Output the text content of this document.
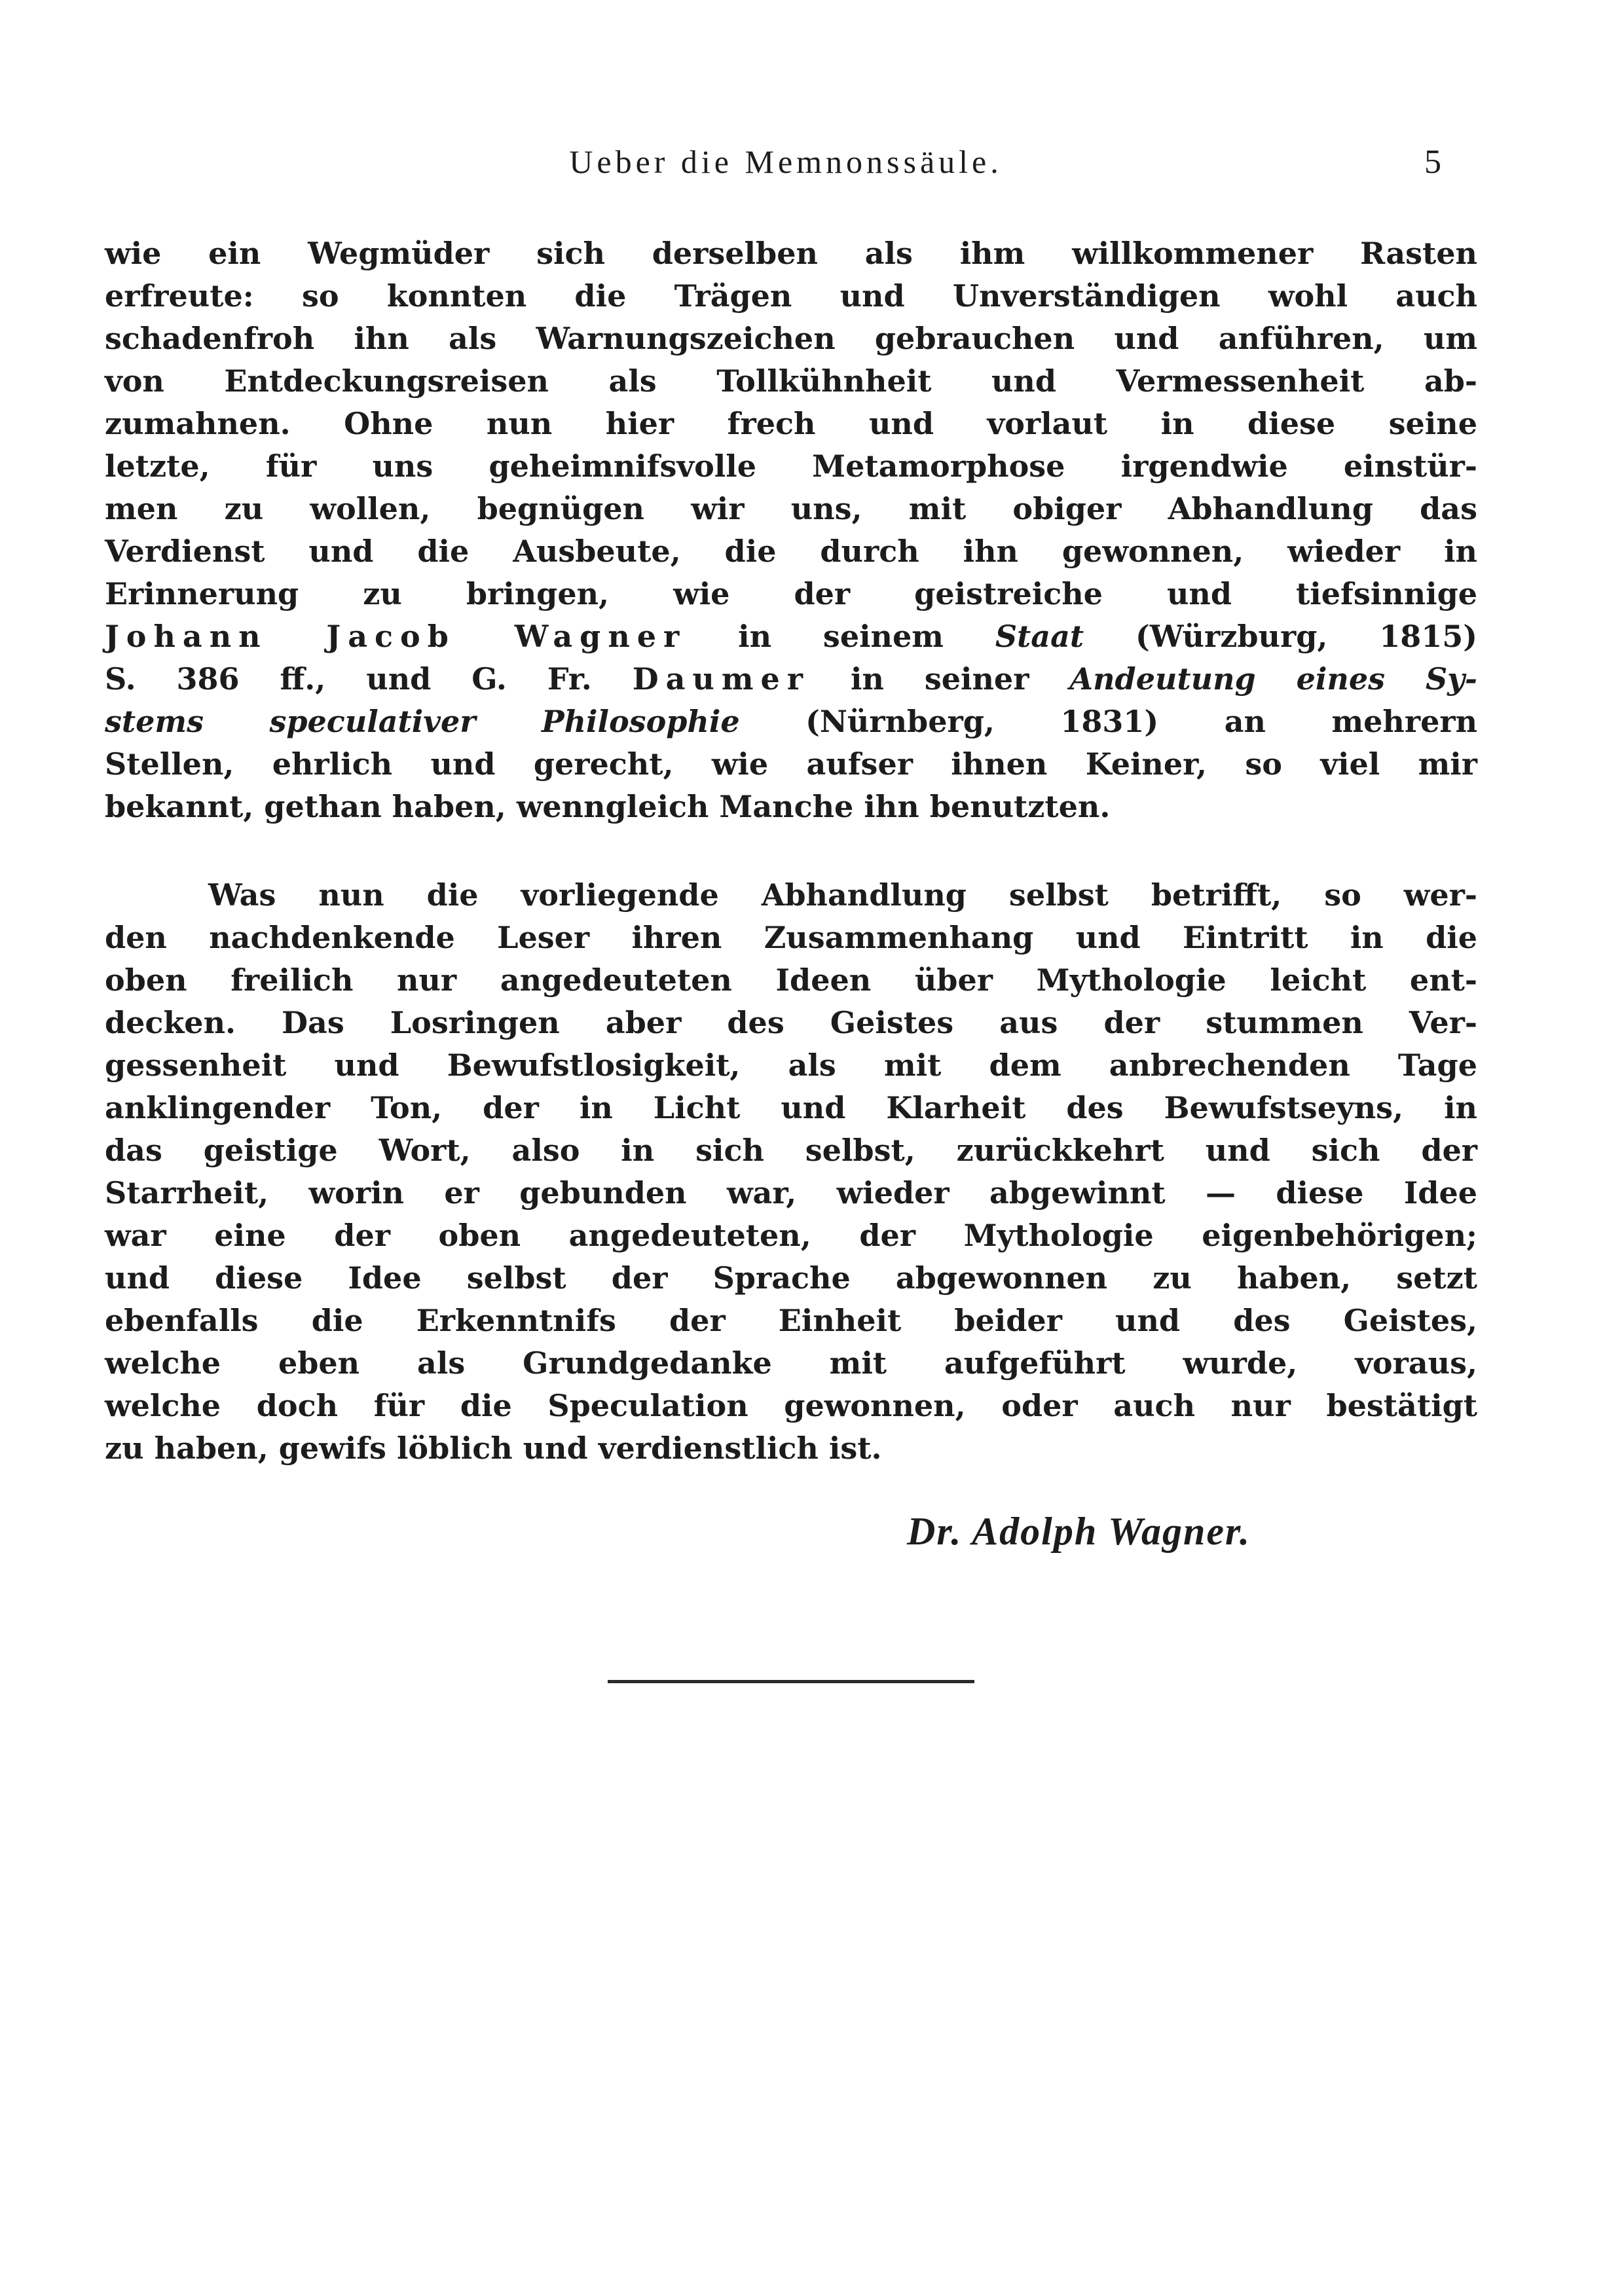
Ueber die Memnonssäule.	5
wie ein Wegmüder sich derselben als ihm willkommener Rasten
erfreute: so konnten die Trägen und Unverständigen wohl auch
schadenfroh ihn als Warnungszeichen gebrauchen und anführen, um
von Entdeckungsreisen als Tollkühnheit und Vermessenheit ab-
zumahnen. Ohne nun hier frech und vorlaut in diese seine
letzte, für uns geheimnifsvolle Metamorphose irgendwie einstür-
men zu wollen, begnügen wir uns, mit obiger Abhandlung das
Verdienst und die Ausbeute, die durch ihn gewonnen, wieder in
Erinnerung zu bringen, wie der geistreiche und tiefsinnige
Johann Jacob Wagner in seinem Staat (Würzburg, 1815)
S. 386 ff., und G. Fr. Daumer in seiner Andeutung eines Sy-
stems speculativer Philosophie (Nürnberg, 1831) an mehrern
Stellen, ehrlich und gerecht, wie aufser ihnen Keiner, so viel mir
bekannt, gethan haben, wenngleich Manche ihn benutzten.
Was nun die vorliegende Abhandlung selbst betrifft, so wer-
den nachdenkende Leser ihren Zusammenhang und Eintritt in die
oben freilich nur angedeuteten Ideen über Mythologie leicht ent-
decken. Das Losringen aber des Geistes aus der stummen Ver-
gessenheit und Bewufstlosigkeit, als mit dem anbrechenden Tage
anklingender Ton, der in Licht und Klarheit des Bewufstseyns, in
das geistige Wort, also in sich selbst, zurückkehrt und sich der
Starrheit, worin er gebunden war, wieder abgewinnt — diese Idee
war eine der oben angedeuteten, der Mythologie eigenbehörigen;
und diese Idee selbst der Sprache abgewonnen zu haben, setzt
ebenfalls die Erkenntnifs der Einheit beider und des Geistes,
welche eben als Grundgedanke mit aufgeführt wurde, voraus,
welche doch für die Speculation gewonnen, oder auch nur bestätigt
zu haben, gewifs löblich und verdienstlich ist.
Dr. Adolph Wagner.
